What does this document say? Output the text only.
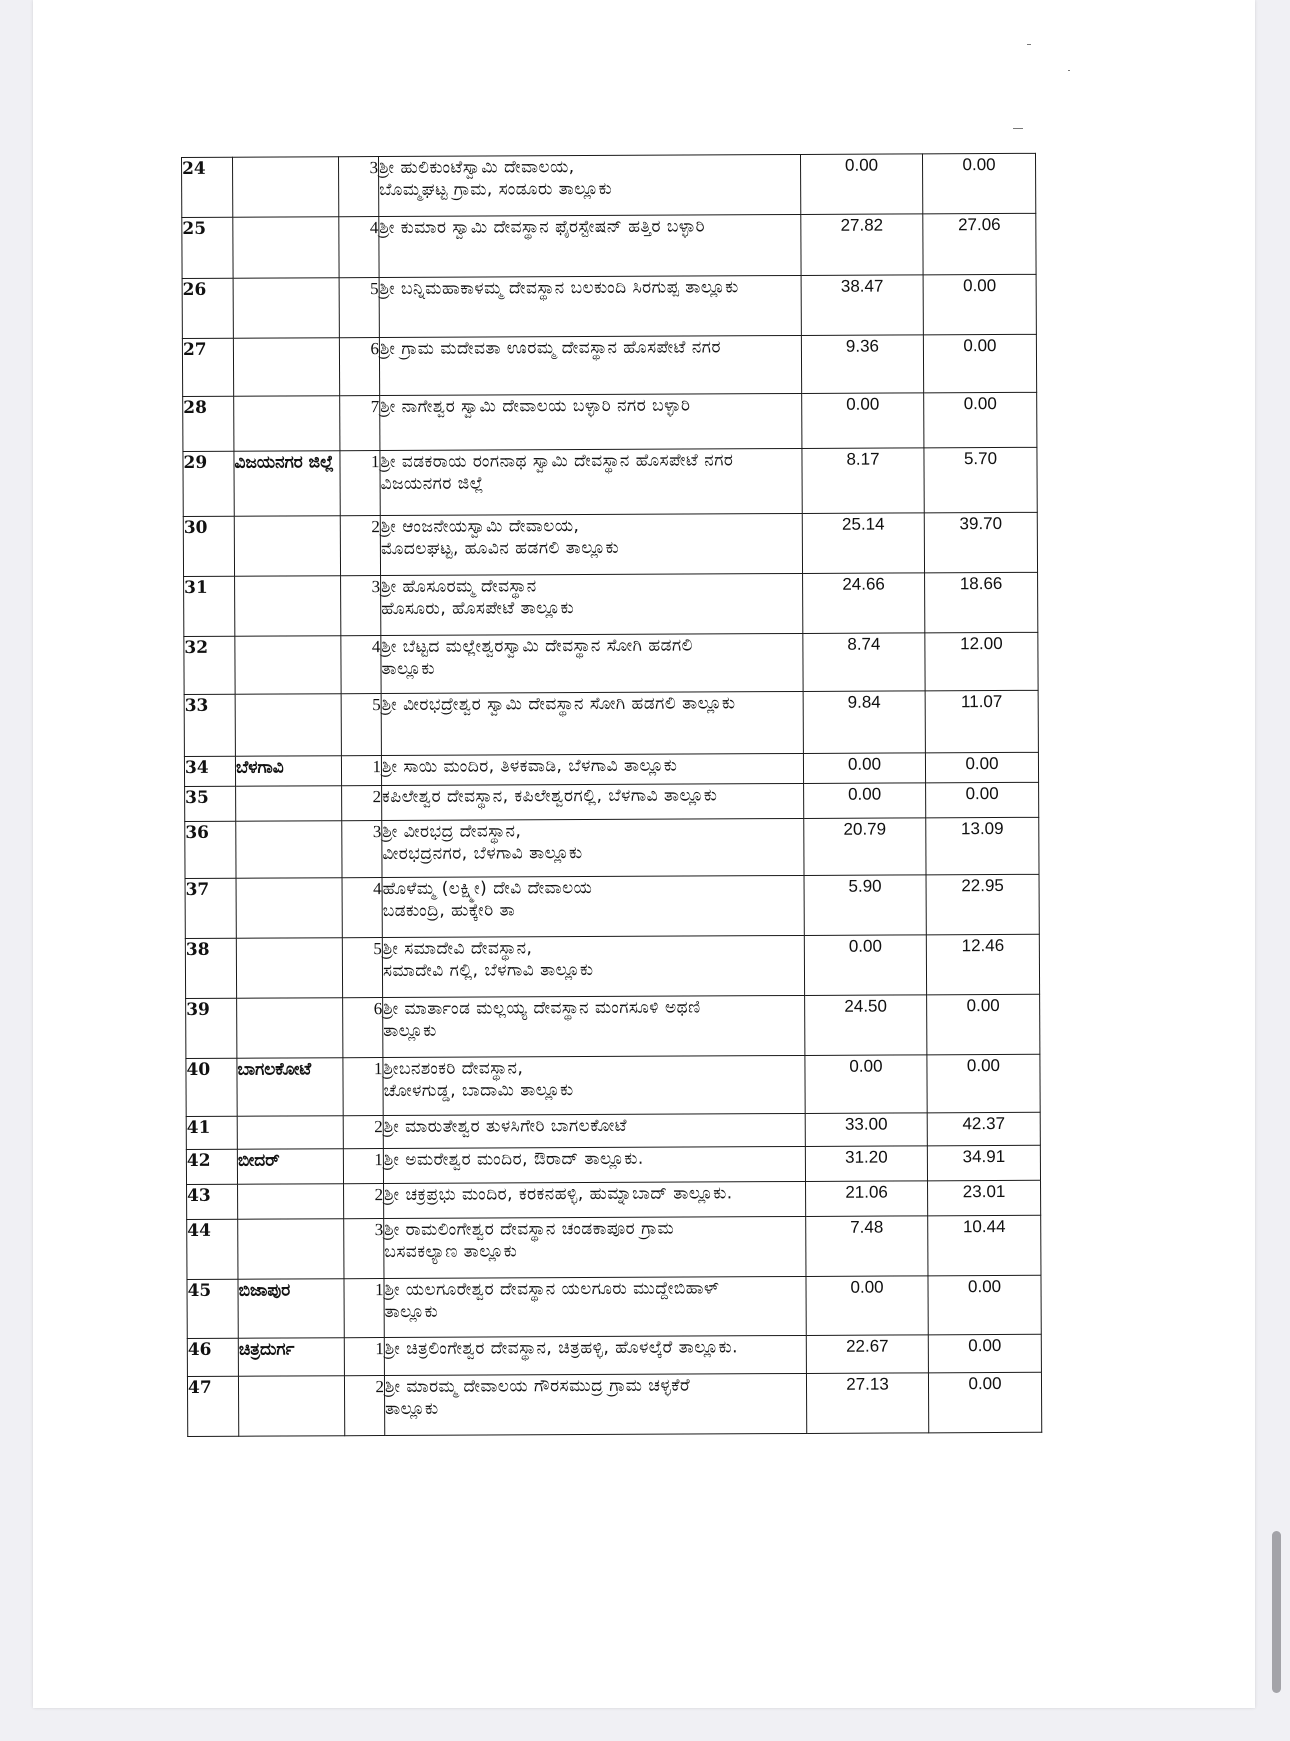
24		3	ಶ್ರೀ ಹುಲಿಕುಂಟೆಸ್ವಾಮಿ ದೇವಾಲಯ,
ಬೊಮ್ಮಘಟ್ಟ ಗ್ರಾಮ, ಸಂಡೂರು ತಾಲ್ಲೂಕು	0.00	0.00
25		4	ಶ್ರೀ ಕುಮಾರ ಸ್ವಾಮಿ ದೇವಸ್ಥಾನ ಫೈರಸ್ಟೇಷನ್ ಹತ್ತಿರ ಬಳ್ಳಾರಿ	27.82	27.06
26		5	ಶ್ರೀ ಬನ್ನಿಮಹಾಕಾಳಮ್ಮ ದೇವಸ್ಥಾನ ಬಲಕುಂದಿ ಸಿರಗುಪ್ಪ ತಾಲ್ಲೂಕು	38.47	0.00
27		6	ಶ್ರೀ ಗ್ರಾಮ ಮದೇವತಾ ಊರಮ್ಮ ದೇವಸ್ಥಾನ ಹೊಸಪೇಟೆ ನಗರ	9.36	0.00
28		7	ಶ್ರೀ ನಾಗೇಶ್ವರ ಸ್ವಾಮಿ ದೇವಾಲಯ ಬಳ್ಳಾರಿ ನಗರ ಬಳ್ಳಾರಿ	0.00	0.00
29	ವಿಜಯನಗರ ಜಿಲ್ಲೆ	1	ಶ್ರೀ ವಡಕರಾಯ ರಂಗನಾಥ ಸ್ವಾಮಿ ದೇವಸ್ಥಾನ ಹೊಸಪೇಟೆ ನಗರ
ವಿಜಯನಗರ ಜಿಲ್ಲೆ	8.17	5.70
30		2	ಶ್ರೀ ಆಂಜನೇಯಸ್ವಾಮಿ ದೇವಾಲಯ,
ಮೊದಲಘಟ್ಟ, ಹೂವಿನ ಹಡಗಲಿ ತಾಲ್ಲೂಕು	25.14	39.70
31		3	ಶ್ರೀ ಹೊಸೂರಮ್ಮ ದೇವಸ್ಥಾನ
ಹೊಸೂರು, ಹೊಸಪೇಟೆ ತಾಲ್ಲೂಕು	24.66	18.66
32		4	ಶ್ರೀ ಬೆಟ್ಟದ ಮಲ್ಲೇಶ್ವರಸ್ವಾಮಿ ದೇವಸ್ಥಾನ ಸೋಗಿ ಹಡಗಲಿ
ತಾಲ್ಲೂಕು	8.74	12.00
33		5	ಶ್ರೀ ವೀರಭದ್ರೇಶ್ವರ ಸ್ವಾಮಿ ದೇವಸ್ಥಾನ ಸೋಗಿ ಹಡಗಲಿ ತಾಲ್ಲೂಕು	9.84	11.07
34	ಬೆಳಗಾವಿ	1	ಶ್ರೀ ಸಾಯಿ ಮಂದಿರ, ತಿಳಕವಾಡಿ, ಬೆಳಗಾವಿ ತಾಲ್ಲೂಕು	0.00	0.00
35		2	ಕಪಿಲೇಶ್ವರ ದೇವಸ್ಥಾನ, ಕಪಿಲೇಶ್ವರಗಲ್ಲಿ, ಬೆಳಗಾವಿ ತಾಲ್ಲೂಕು	0.00	0.00
36		3	ಶ್ರೀ ವೀರಭದ್ರ ದೇವಸ್ಥಾನ,
ವೀರಭದ್ರನಗರ, ಬೆಳಗಾವಿ ತಾಲ್ಲೂಕು	20.79	13.09
37		4	ಹೊಳೆಮ್ಮ (ಲಕ್ಷ್ಮೀ) ದೇವಿ ದೇವಾಲಯ
ಬಡಕುಂದ್ರಿ, ಹುಕ್ಕೇರಿ ತಾ	5.90	22.95
38		5	ಶ್ರೀ ಸಮಾದೇವಿ ದೇವಸ್ಥಾನ,
ಸಮಾದೇವಿ ಗಲ್ಲಿ, ಬೆಳಗಾವಿ ತಾಲ್ಲೂಕು	0.00	12.46
39		6	ಶ್ರೀ ಮಾರ್ತಾಂಡ ಮಲ್ಲಯ್ಯ ದೇವಸ್ಥಾನ ಮಂಗಸೂಳಿ ಅಥಣಿ
ತಾಲ್ಲೂಕು	24.50	0.00
40	ಬಾಗಲಕೋಟೆ	1	ಶ್ರೀಬನಶಂಕರಿ ದೇವಸ್ಥಾನ,
ಚೋಳಗುಡ್ಡ, ಬಾದಾಮಿ ತಾಲ್ಲೂಕು	0.00	0.00
41		2	ಶ್ರೀ ಮಾರುತೇಶ್ವರ ತುಳಸಿಗೇರಿ ಬಾಗಲಕೋಟೆ	33.00	42.37
42	ಬೀದರ್	1	ಶ್ರೀ ಅಮರೇಶ್ವರ ಮಂದಿರ, ಔರಾದ್ ತಾಲ್ಲೂಕು.	31.20	34.91
43		2	ಶ್ರೀ ಚಕ್ರಪ್ರಭು ಮಂದಿರ, ಕರಕನಹಳ್ಳಿ, ಹುಮ್ನಾಬಾದ್ ತಾಲ್ಲೂಕು.	21.06	23.01
44		3	ಶ್ರೀ ರಾಮಲಿಂಗೇಶ್ವರ ದೇವಸ್ಥಾನ ಚಂಡಕಾಪೂರ ಗ್ರಾಮ
ಬಸವಕಲ್ಯಾಣ ತಾಲ್ಲೂಕು	7.48	10.44
45	ಬಿಜಾಪುರ	1	ಶ್ರೀ ಯಲಗೂರೇಶ್ವರ ದೇವಸ್ಥಾನ ಯಲಗೂರು ಮುದ್ದೇಬಿಹಾಳ್
ತಾಲ್ಲೂಕು	0.00	0.00
46	ಚಿತ್ರದುರ್ಗ	1	ಶ್ರೀ ಚಿತ್ರಲಿಂಗೇಶ್ವರ ದೇವಸ್ಥಾನ, ಚಿತ್ರಹಳ್ಳಿ, ಹೊಳಲ್ಕೆರೆ ತಾಲ್ಲೂಕು.	22.67	0.00
47		2	ಶ್ರೀ ಮಾರಮ್ಮ ದೇವಾಲಯ ಗೌರಸಮುದ್ರ ಗ್ರಾಮ ಚಳ್ಳಕೆರೆ
ತಾಲ್ಲೂಕು	27.13	0.00
